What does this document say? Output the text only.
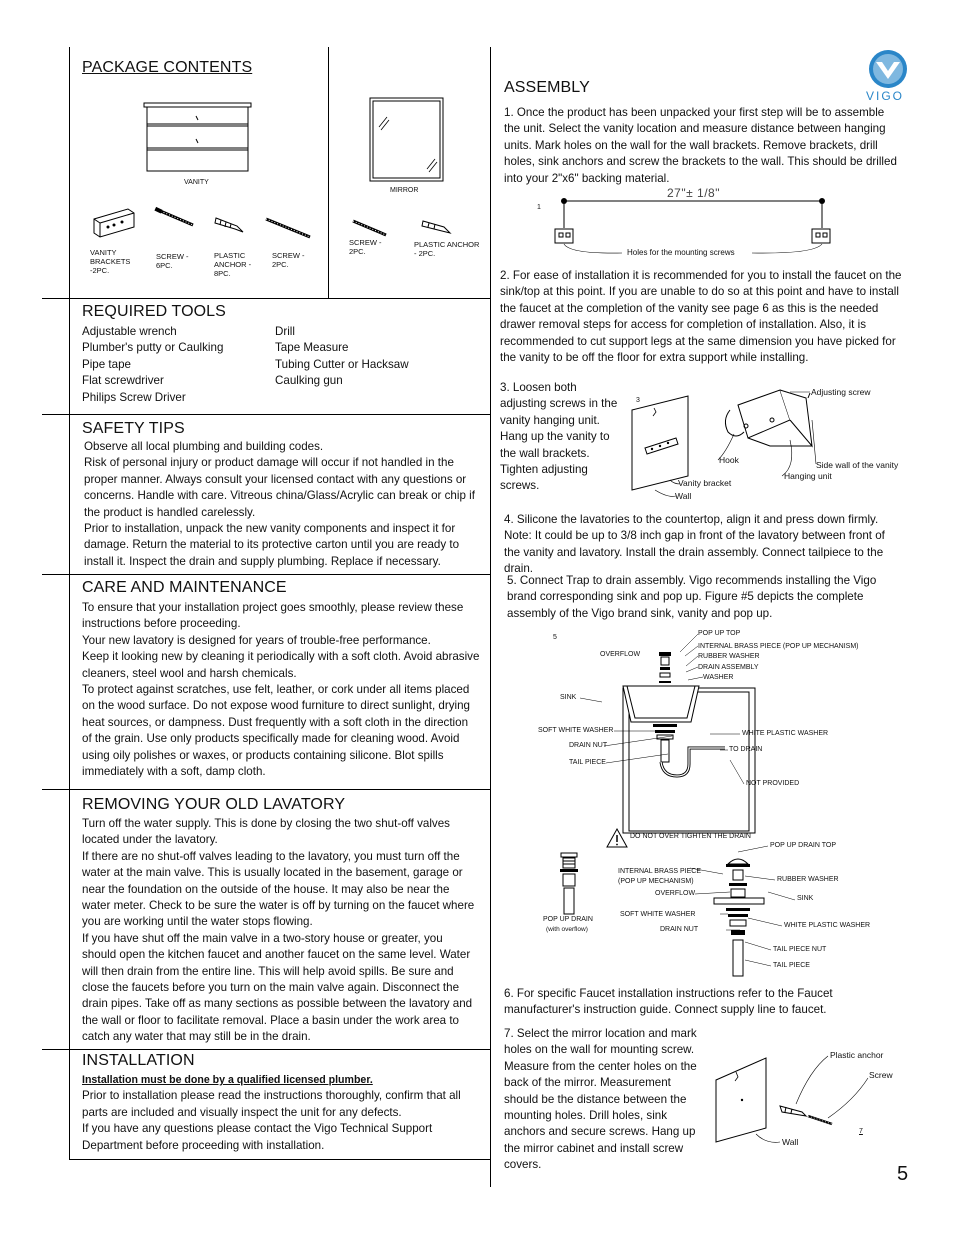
PACKAGE CONTENTS
VANITY
MIRROR
VANITY BRACKETS -2PC.
SCREW - 6PC.
PLASTIC ANCHOR - 8PC.
SCREW - 2PC.
SCREW - 2PC.
PLASTIC ANCHOR - 2PC.
REQUIRED TOOLS
Adjustable wrench
Plumber's putty or Caulking
Pipe tape
Flat screwdriver
Philips Screw Driver
Drill
Tape Measure
Tubing Cutter or Hacksaw
Caulking gun
SAFETY TIPS

Observe all local plumbing and building codes.

Risk of personal injury or product damage will occur if not handled in the proper manner. Always consult your licensed contact with any questions or concerns. Handle with care. Vitreous china/Glass/Acrylic can break or chip if the product is handled carelessly.

Prior to installation, unpack the new vanity components and inspect it for damage. Return the material to its protective carton until you are ready to install it. Inspect the drain and supply plumbing. Replace if necessary.

CARE AND MAINTENANCE

To ensure that your installation project goes smoothly, please review these instructions before proceeding.

Your new lavatory is designed for years of trouble-free performance.

Keep it looking new by cleaning it periodically with a soft cloth. Avoid abrasive cleaners, steel wool and harsh chemicals.

To protect against scratches, use felt, leather, or cork under all items placed on the wood surface. Do not expose wood furniture to direct sunlight, drying heat sources, or dampness. Dust frequently with a soft cloth in the direction of the grain. Use only products specifically made for cleaning wood. Avoid using oily polishes or waxes, or products containing silicone. Blot spills immediately with a soft, damp cloth.

REMOVING YOUR OLD LAVATORY

Turn off the water supply. This is done by closing the two shut-off valves located under the lavatory.

If there are no shut-off valves leading to the lavatory, you must turn off the water at the main valve. This is usually located in the basement, garage or near the foundation on the outside of the house. It may also be near the water meter. Check to be sure the water is off by turning on the faucet where you are working until the water stops flowing.

If you have shut off the main valve in a two-story house or greater, you should open the kitchen faucet and another faucet on the same level. Water will then drain from the entire line. This will help avoid spills. Be sure and close the faucets before you turn on the main valve again. Disconnect the drain pipes. Take off as many sections as possible between the lavatory and the wall or floor to facilitate removal. Place a basin under the work area to catch any water that may still be in the drain.

INSTALLATION

Installation must be done by a qualified licensed plumber.

Prior to installation please read the instructions thoroughly, confirm that all parts are included and visually inspect the unit for any defects.

If you have any questions please contact the Vigo Technical Support Department before proceeding with installation.

VIGO
ASSEMBLY
1. Once the product has been unpacked your first step will be to assemble the unit. Select the vanity location and measure distance between hanging units. Mark holes on the wall for the wall brackets. Remove brackets, drill holes, sink anchors and screw the brackets to the wall. This should be drilled into your 2"x6" backing material.
1
27"± 1/8"
Holes for the mounting screws
2. For ease of installation it is recommended for you to install the faucet on the sink/top at this point. If you are unable to do so at this point and have to install the faucet at the completion of the vanity see page 6 as this is the needed drawer removal steps for access for completion of installation. Also, it is recommended to cut support legs at the same dimension you have picked for the vanity to be off the floor for extra support while installing.
3. Loosen both adjusting screws in the vanity hanging unit. Hang up the vanity to the wall brackets. Tighten adjusting screws.
3
Adjusting screw
Hook	Side wall of the vanity
Hanging unit
Vanity bracket
Wall
4. Silicone the lavatories to the countertop, align it and press down firmly. Note: It could be up to 3/8 inch gap in front of the lavatory between front of the vanity and lavatory. Install the drain assembly. Connect tailpiece to the drain.
5. Connect Trap to drain assembly. Vigo recommends installing the Vigo brand corresponding sink and pop up. Figure #5 depicts the complete assembly of the Vigo brand sink, vanity and pop up.
5
POP UP TOP
INTERNAL BRASS PIECE (POP UP MECHANISM)
OVERFLOW	RUBBER WASHER
DRAIN ASSEMBLY
WASHER
SINK
SOFT WHITE WASHER	WHITE PLASTIC WASHER
DRAIN NUT
TO DRAIN
TAIL PIECE
NOT PROVIDED
DO NOT OVER TIGHTEN THE DRAIN
POP UP DRAIN
(with overflow)
POP UP DRAIN TOP
INTERNAL BRASS PIECE
(POP UP MECHANISM)	RUBBER WASHER
OVERFLOW
SINK
SOFT WHITE WASHER
WHITE PLASTIC WASHER
DRAIN NUT
TAIL PIECE NUT
TAIL PIECE
6. For specific Faucet installation instructions refer to the Faucet manufacturer's instruction guide. Connect supply line to faucet.
7. Select the mirror location and mark holes on the wall for mounting screw. Measure from the center holes on the back of the mirror. Measurement should be the distance between the mounting holes. Drill holes, sink anchors and secure screws. Hang up the mirror cabinet and install screw covers.
Plastic anchor
Screw
Wall
7
5
